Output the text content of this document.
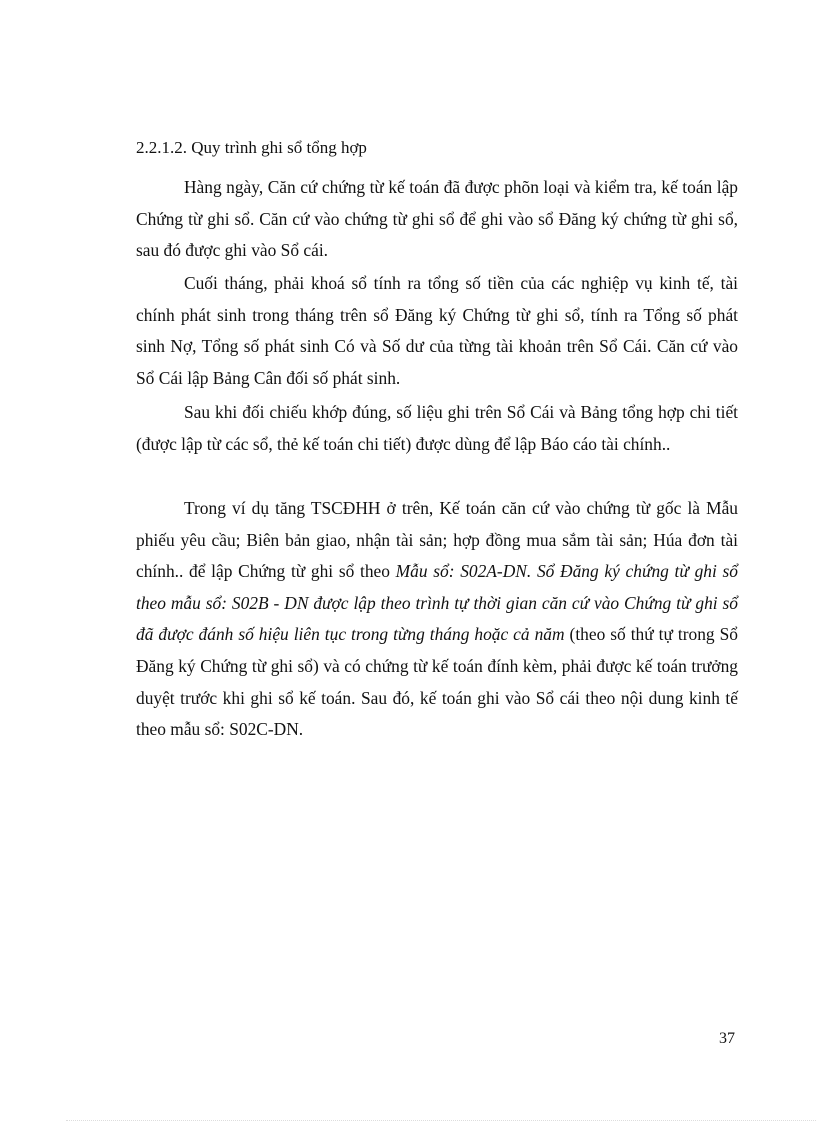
2.2.1.2. Quy trình ghi sổ tổng hợp

Hàng ngày, Căn cứ chứng từ kế toán đã được phõn loại và kiểm tra, kế toán lập Chứng từ ghi sổ. Căn cứ vào chứng từ ghi sổ để ghi vào sổ Đăng ký chứng từ ghi sổ, sau đó được ghi vào Sổ cái.

Cuối tháng, phải khoá sổ tính ra tổng số tiền của các nghiệp vụ kinh tế, tài chính phát sinh trong tháng trên sổ Đăng ký Chứng từ ghi sổ, tính ra Tổng số phát sinh Nợ, Tổng số phát sinh Có và Số dư của từng tài khoản trên Sổ Cái. Căn cứ vào Sổ Cái lập Bảng Cân đối số phát sinh.

Sau khi đối chiếu khớp đúng, số liệu ghi trên Sổ Cái và Bảng tổng hợp chi tiết (được lập từ các sổ, thẻ kế toán chi tiết) được dùng để lập Báo cáo tài chính..

Trong ví dụ tăng TSCĐHH ở trên, Kế toán căn cứ vào chứng từ gốc là Mẫu phiếu yêu cầu; Biên bản giao, nhận tài sản; hợp đồng mua sắm tài sản; Húa đơn tài chính.. để lập Chứng từ ghi sổ theo Mẫu sổ: S02A-DN. Sổ Đăng ký chứng từ ghi sổ theo mẫu sổ: S02B - DN được lập theo trình tự thời gian căn cứ vào Chứng từ ghi sổ đã được đánh số hiệu liên tục trong từng tháng hoặc cả năm (theo số thứ tự trong Sổ Đăng ký Chứng từ ghi sổ) và có chứng từ kế toán đính kèm, phải được kế toán trưởng duyệt trước khi ghi sổ kế toán. Sau đó, kế toán ghi vào Sổ cái theo nội dung kinh tế theo mẫu sổ: S02C-DN.

37
